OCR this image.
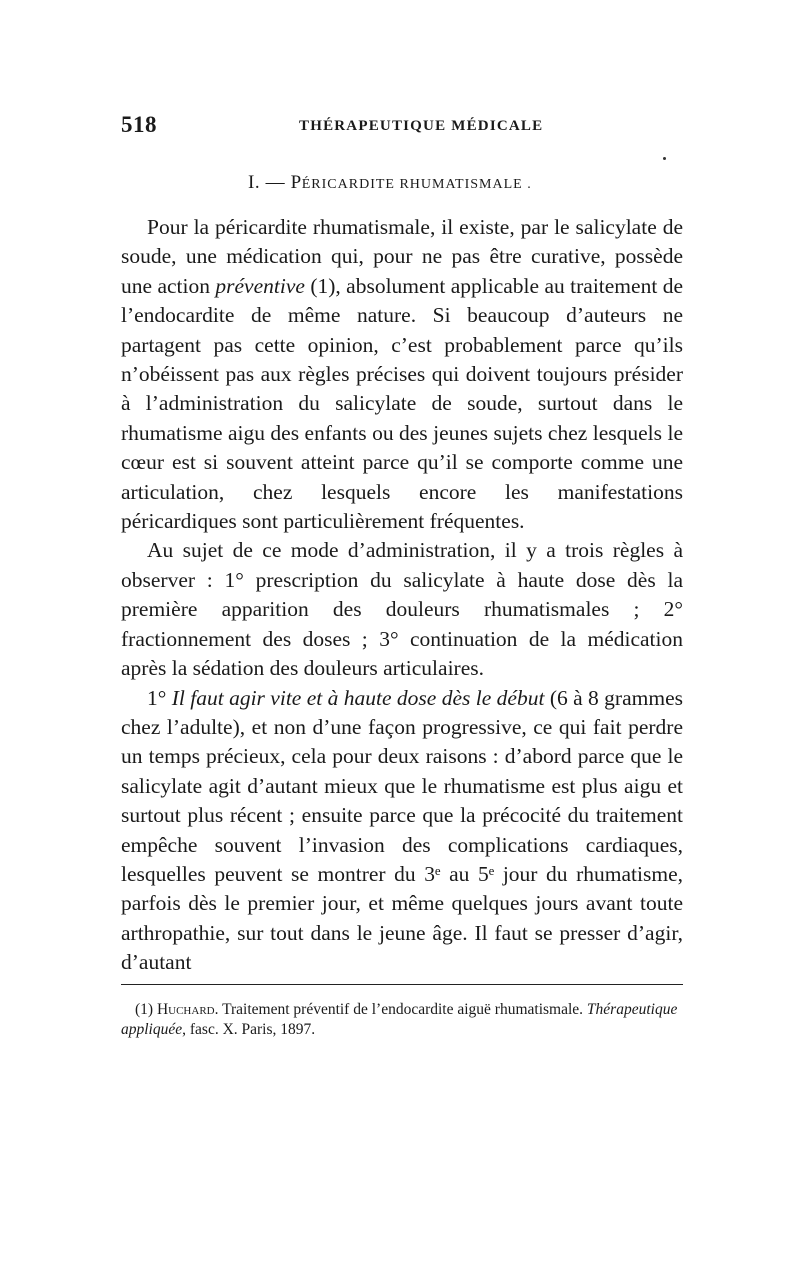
518	THÉRAPEUTIQUE MÉDICALE
I. — PÉRICARDITE RHUMATISMALE .

Pour la péricardite rhumatismale, il existe, par le salicylate de soude, une médication qui, pour ne pas être curative, possède une action préventive (1), absolument applicable au traitement de l’endocardite de même nature. Si beaucoup d’auteurs ne partagent pas cette opinion, c’est probablement parce qu’ils n’obéissent pas aux règles précises qui doivent toujours présider à l’administration du salicylate de soude, surtout dans le rhumatisme aigu des enfants ou des jeunes sujets chez lesquels le cœur est si souvent atteint parce qu’il se comporte comme une articulation, chez lesquels encore les manifestations péricardiques sont particulièrement fréquentes.

Au sujet de ce mode d’administration, il y a trois règles à observer : 1° prescription du salicylate à haute dose dès la première apparition des douleurs rhumatismales ; 2° fractionnement des doses ; 3° continuation de la médication après la sédation des douleurs articulaires.

1° Il faut agir vite et à haute dose dès le début (6 à 8 grammes chez l’adulte), et non d’une façon progressive, ce qui fait perdre un temps précieux, cela pour deux raisons : d’abord parce que le salicylate agit d’autant mieux que le rhumatisme est plus aigu et surtout plus récent ; ensuite parce que la précocité du traitement empêche souvent l’invasion des complications cardiaques, lesquelles peuvent se montrer du 3ᵉ au 5ᵉ jour du rhumatisme, parfois dès le premier jour, et même quelques jours avant toute arthropathie, sur tout dans le jeune âge. Il faut se presser d’agir, d’autant

(1) Huchard. Traitement préventif de l’endocardite aiguë rhumatismale. Thérapeutique appliquée, fasc. X. Paris, 1897.
